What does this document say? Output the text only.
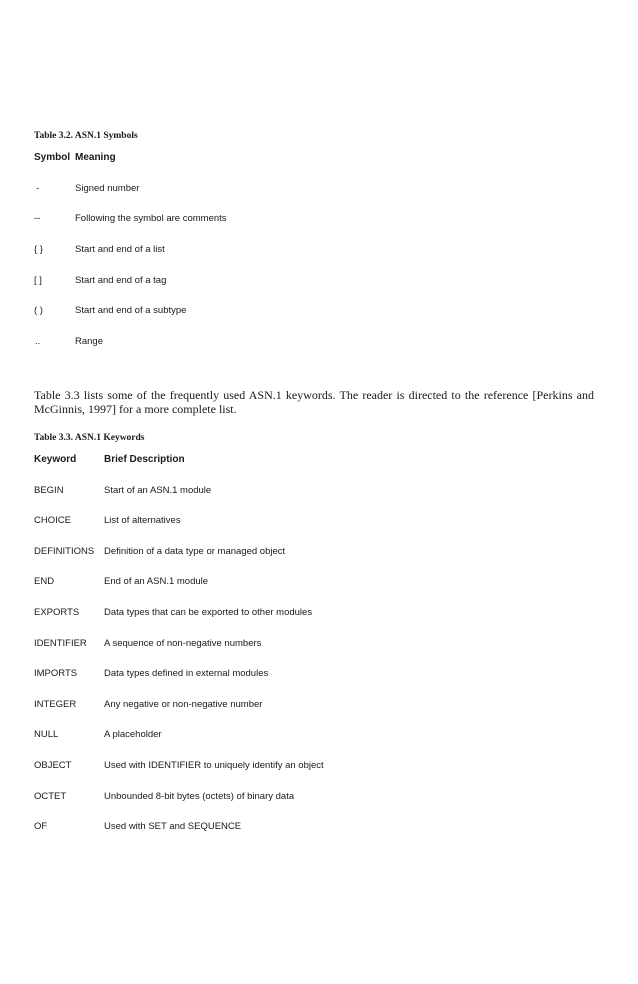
Table 3.2. ASN.1 Symbols
Symbol Meaning
-	Signed number
--	Following the symbol are comments
{ }	Start and end of a list
[ ]	Start and end of a tag
( )	Start and end of a subtype
..	Range

Table 3.3 lists some of the frequently used ASN.1 keywords. The reader is directed to the reference [Perkins and McGinnis, 1997] for a more complete list.

Table 3.3. ASN.1 Keywords
Keyword	Brief Description
BEGIN	Start of an ASN.1 module
CHOICE	List of alternatives
DEFINITIONS Definition of a data type or managed object
END	End of an ASN.1 module
EXPORTS	Data types that can be exported to other modules
IDENTIFIER A sequence of non-negative numbers
IMPORTS	Data types defined in external modules
INTEGER	Any negative or non-negative number
NULL	A placeholder
OBJECT	Used with IDENTIFIER to uniquely identify an object
OCTET	Unbounded 8-bit bytes (octets) of binary data
OF	Used with SET and SEQUENCE
